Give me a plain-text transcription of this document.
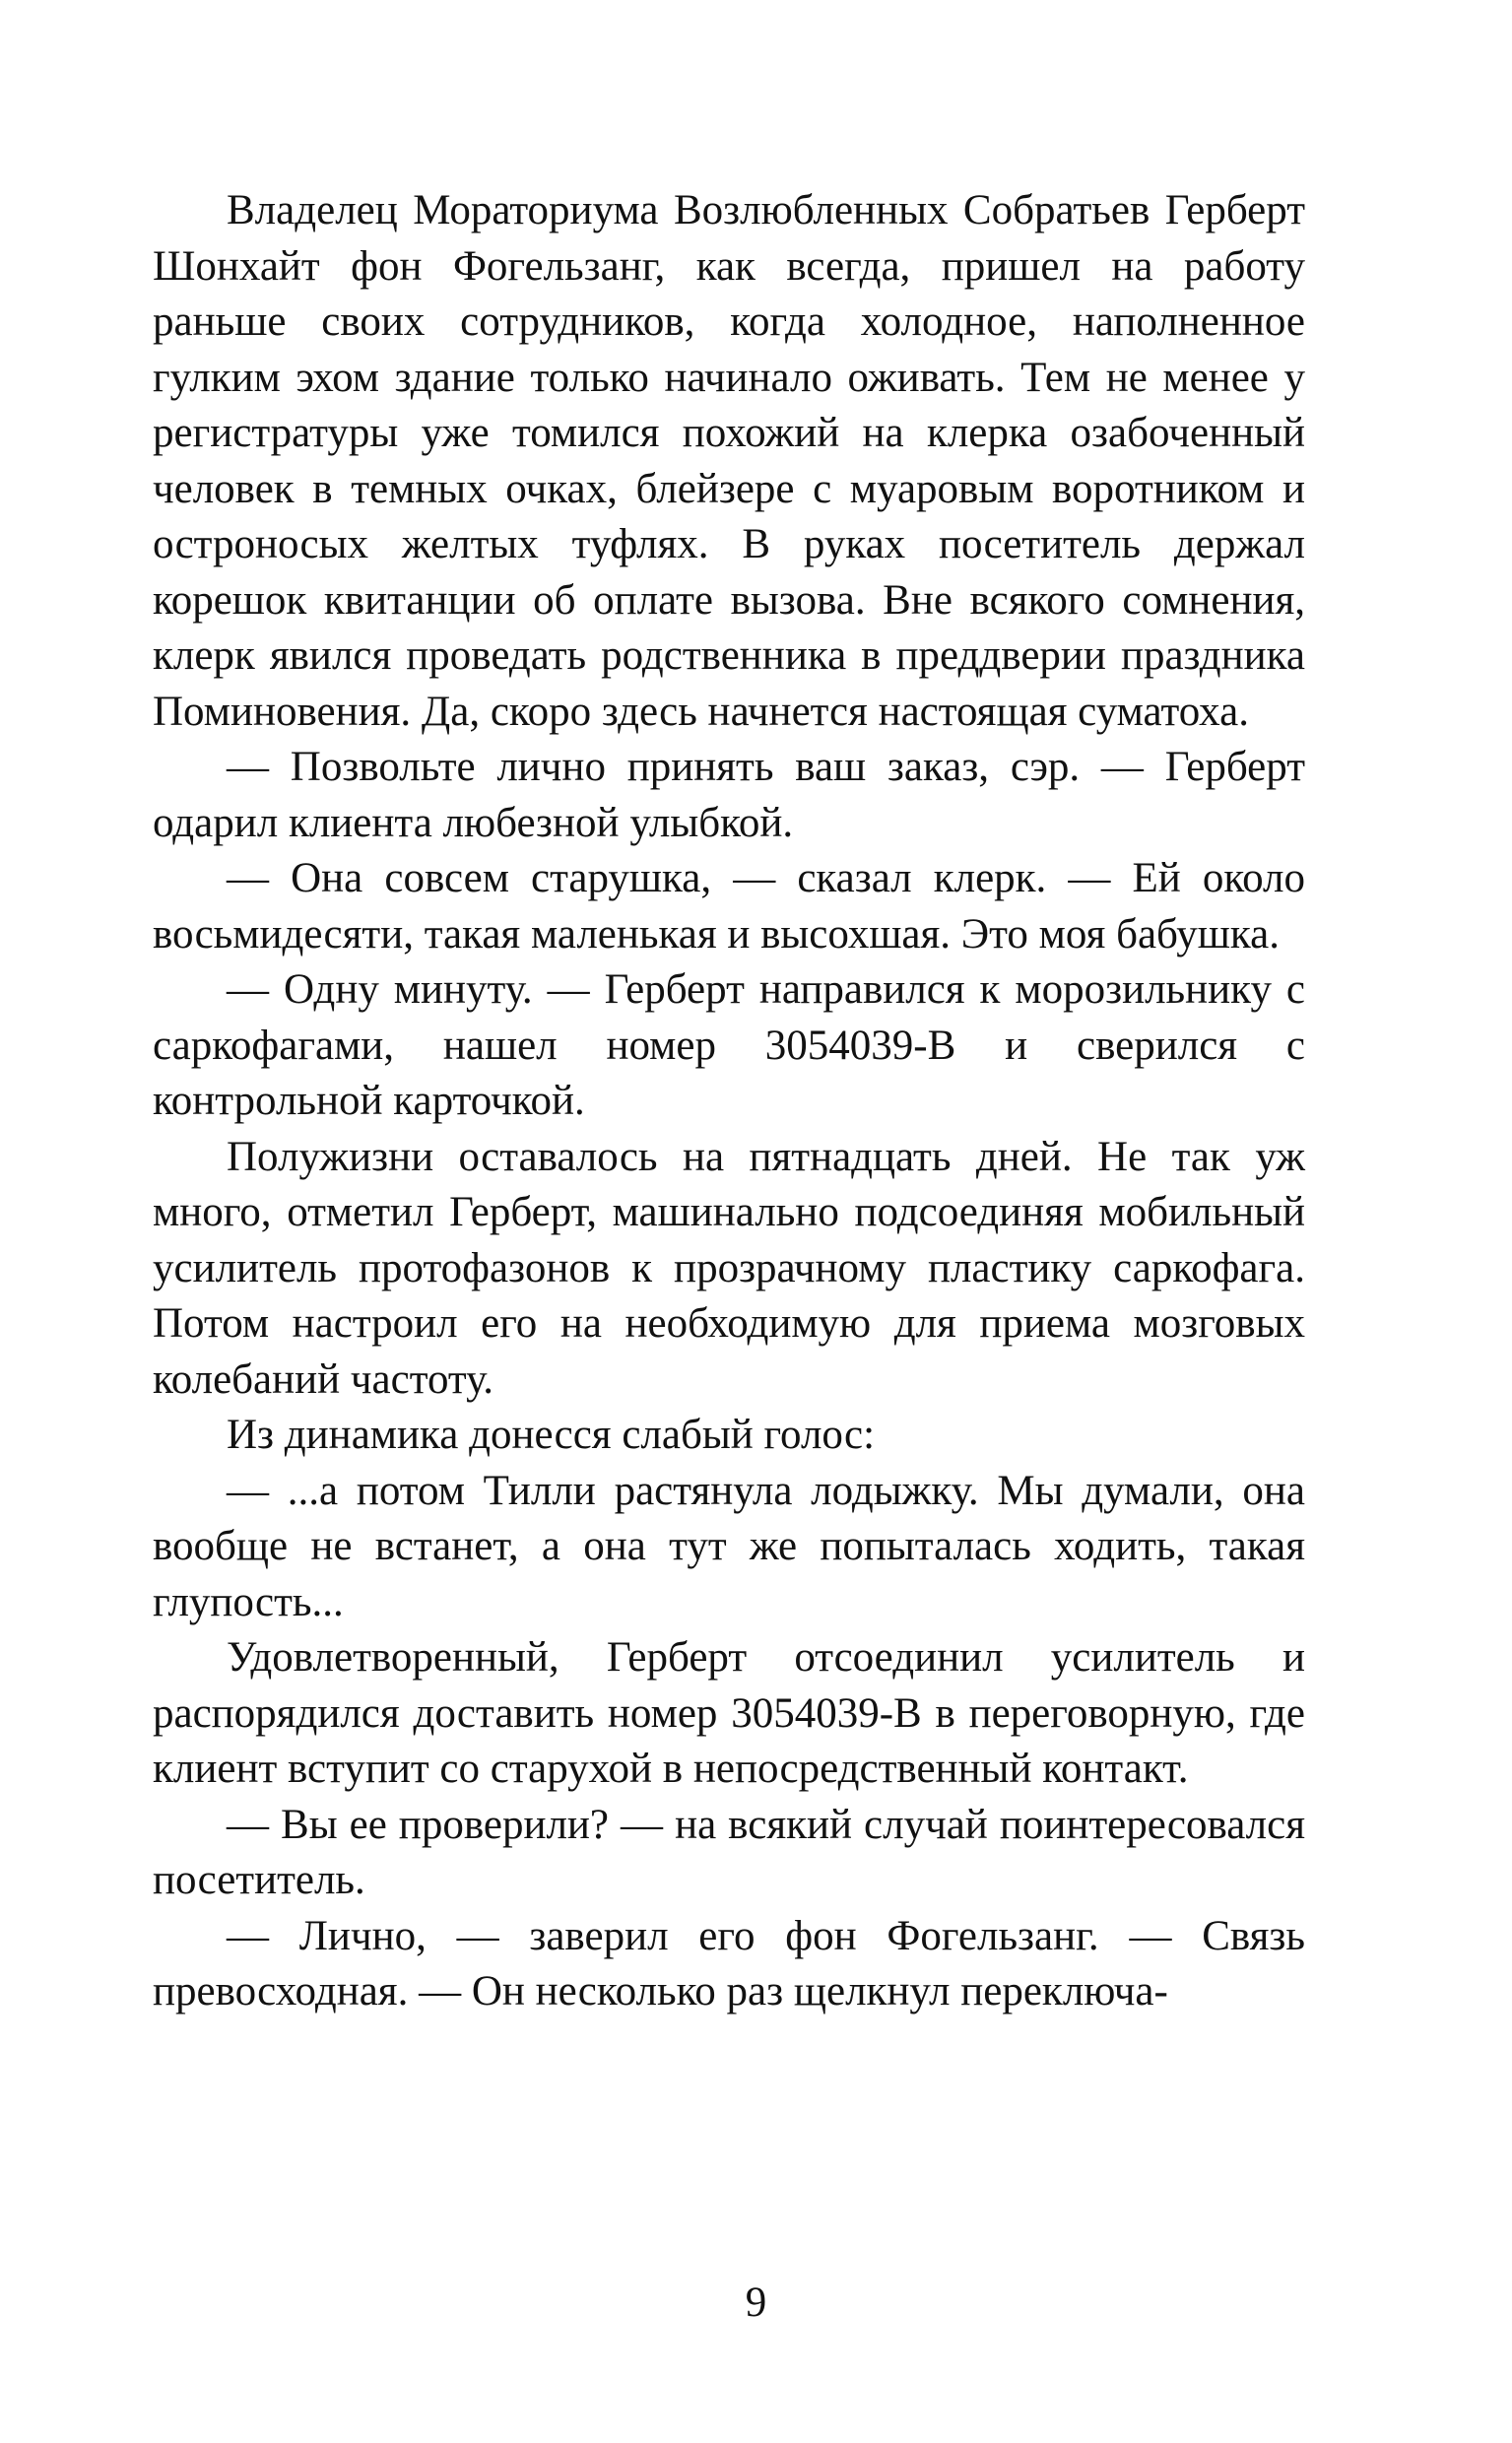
Владелец Мораториума Возлюбленных Собратьев Герберт Шонхайт фон Фогельзанг, как всегда, пришел на работу раньше своих сотрудников, когда холодное, наполненное гулким эхом здание только начинало оживать. Тем не менее у регистратуры уже томился похожий на клерка озабоченный человек в темных очках, блейзере с муаровым воротником и остроносых желтых туфлях. В руках посетитель держал корешок квитанции об оплате вызова. Вне всякого сомнения, клерк явился проведать родственника в преддверии праздника Поминовения. Да, скоро здесь начнется настоящая суматоха.

— Позвольте лично принять ваш заказ, сэр. — Герберт одарил клиента любезной улыбкой.

— Она совсем старушка, — сказал клерк. — Ей около восьмидесяти, такая маленькая и высохшая. Это моя бабушка.

— Одну минуту. — Герберт направился к морозильнику с саркофагами, нашел номер 3054039-B и сверился с контрольной карточкой.

Полужизни оставалось на пятнадцать дней. Не так уж много, отметил Герберт, машинально подсоединяя мобильный усилитель протофазонов к прозрачному пластику саркофага. Потом настроил его на необходимую для приема мозговых колебаний частоту.

Из динамика донесся слабый голос:

— ...а потом Тилли растянула лодыжку. Мы думали, она вообще не встанет, а она тут же попыталась ходить, такая глупость...

Удовлетворенный, Герберт отсоединил усилитель и распорядился доставить номер 3054039-B в переговорную, где клиент вступит со старухой в непосредственный контакт.

— Вы ее проверили? — на всякий случай поинтересовался посетитель.

— Лично, — заверил его фон Фогельзанг. — Связь превосходная. — Он несколько раз щелкнул переключа-

9
